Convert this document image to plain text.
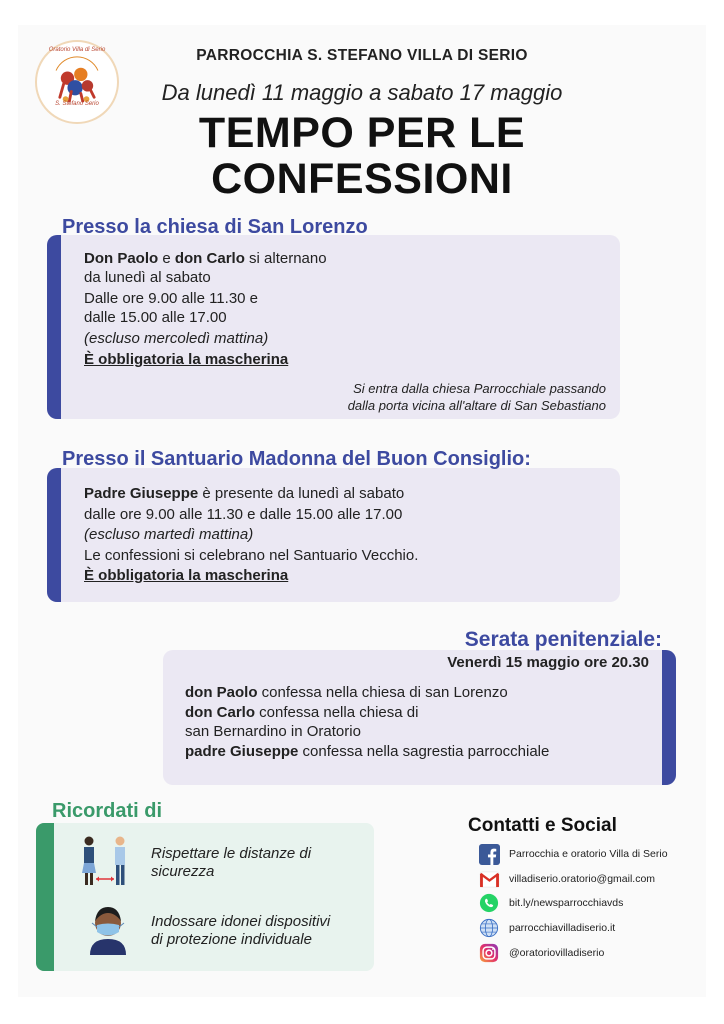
Oratorio Villa di Serio
S. Stefano Serio
PARROCCHIA S. STEFANO VILLA DI SERIO
Da lunedì 11 maggio a sabato 17 maggio
TEMPO PER LE
CONFESSIONI
Don Paolo e don Carlo si alternano
da lunedì al sabato
Dalle ore 9.00 alle 11.30 e
dalle 15.00 alle 17.00
(escluso mercoledì mattina)
È obbligatoria la mascherina
Si entra dalla chiesa Parrocchiale passando
dalla porta vicina all'altare di San Sebastiano
Presso la chiesa di San Lorenzo
Padre Giuseppe è presente da lunedì al sabato
dalle ore 9.00 alle 11.30 e dalle 15.00 alle 17.00
(escluso martedì mattina)
Le confessioni si celebrano nel Santuario Vecchio.
È obbligatoria la mascherina
Presso il Santuario Madonna del Buon Consiglio:
don Paolo confessa nella chiesa di san Lorenzo
don Carlo confessa nella chiesa di
san Bernardino in Oratorio
padre Giuseppe confessa nella sagrestia parrocchiale
Serata penitenziale:
Venerdì 15 maggio ore 20.30
Rispettare le distanze di
sicurezza
Indossare idonei dispositivi
di protezione individuale
Ricordati di
Contatti e Social
Parrocchia e oratorio Villa di Serio
villadiserio.oratorio@gmail.com
bit.ly/newsparrocchiavds
parrocchiavilladiserio.it
@oratoriovilladiserio
